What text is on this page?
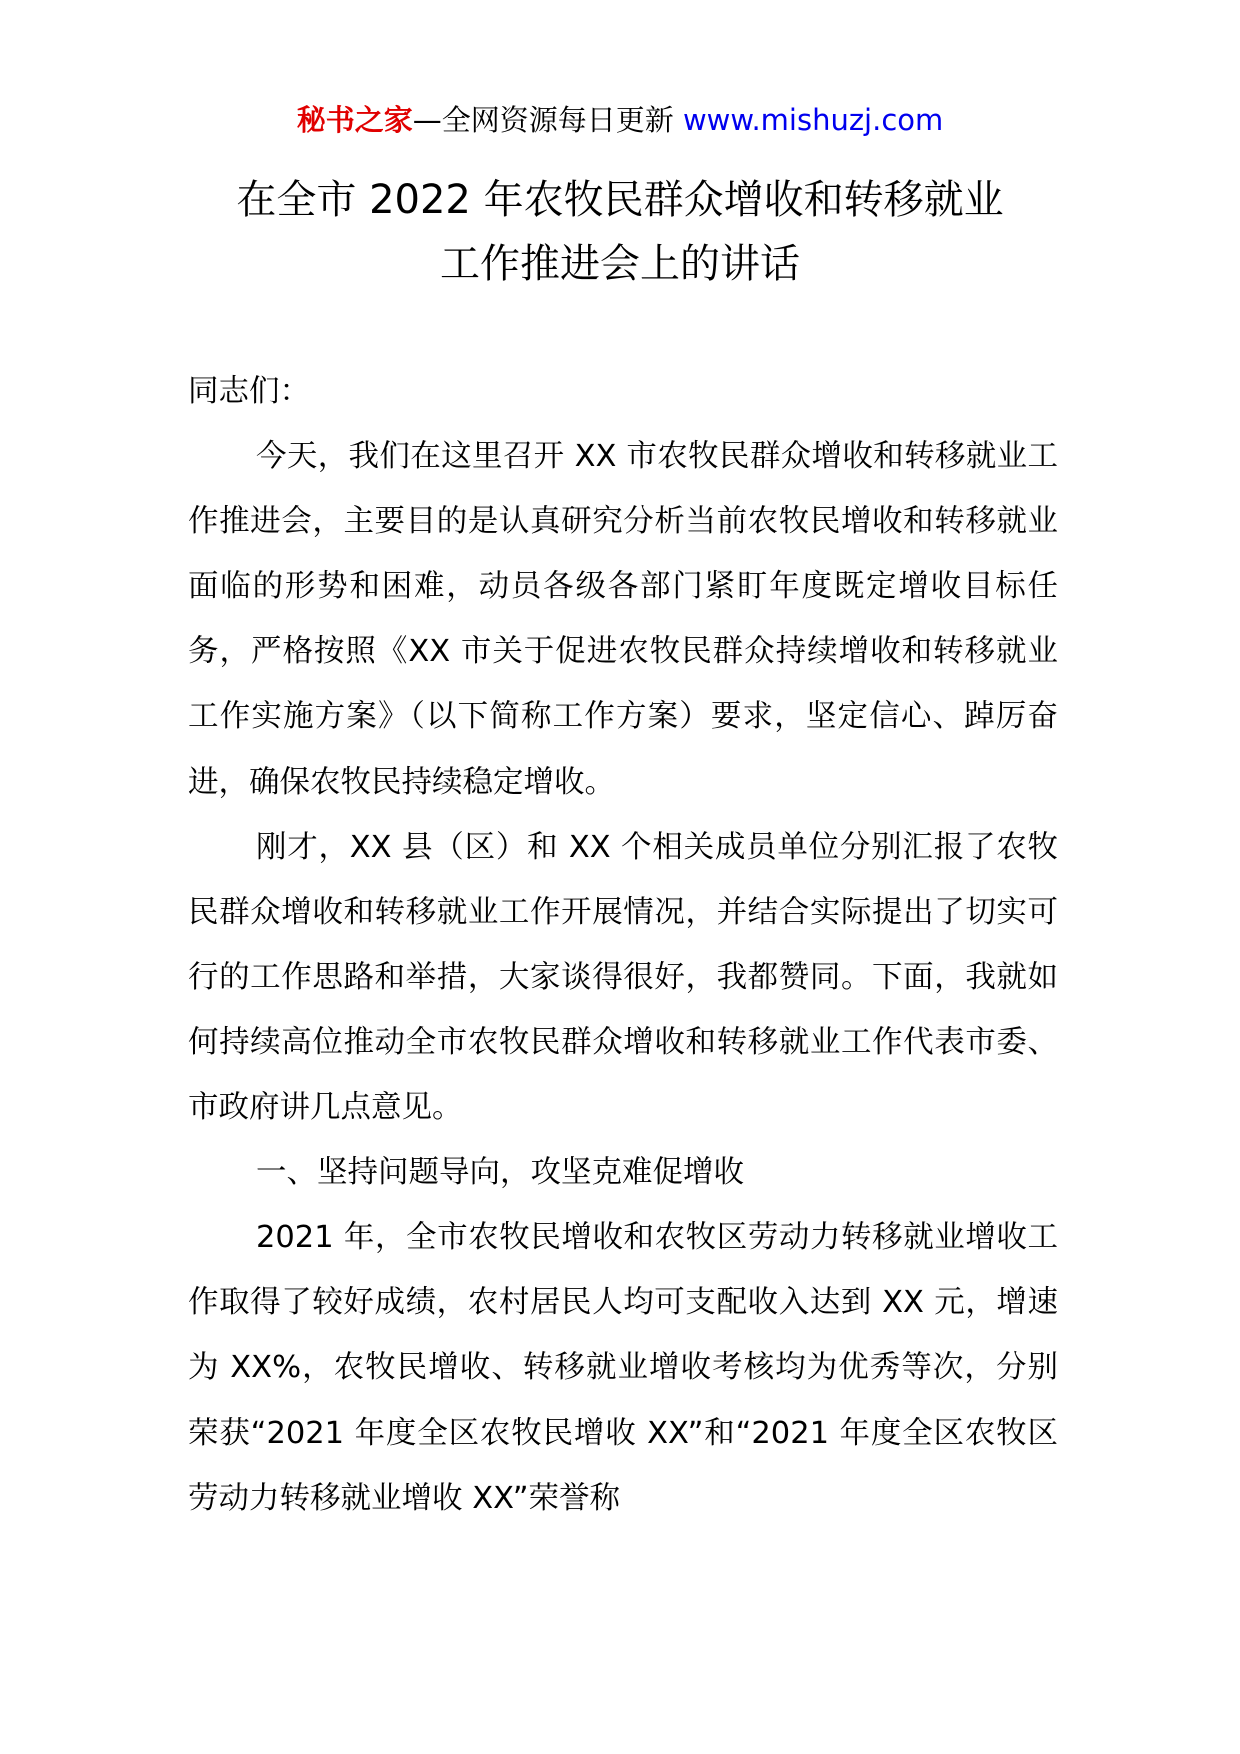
秘书之家—全网资源每日更新 www.mishuzj.com
在全市 2022 年农牧民群众增收和转移就业
工作推进会上的讲话

同志们：

今天，我们在这里召开 XX 市农牧民群众增收和转移就业工作推进会，主要目的是认真研究分析当前农牧民增收和转移就业面临的形势和困难，动员各级各部门紧盯年度既定增收目标任务，严格按照《XX 市关于促进农牧民群众持续增收和转移就业工作实施方案》（以下简称工作方案）要求，坚定信心、踔厉奋进，确保农牧民持续稳定增收。

刚才，XX 县（区）和 XX 个相关成员单位分别汇报了农牧民群众增收和转移就业工作开展情况，并结合实际提出了切实可行的工作思路和举措，大家谈得很好，我都赞同。下面，我就如何持续高位推动全市农牧民群众增收和转移就业工作代表市委、市政府讲几点意见。

一、坚持问题导向，攻坚克难促增收

2021 年，全市农牧民增收和农牧区劳动力转移就业增收工作取得了较好成绩，农村居民人均可支配收入达到 XX 元，增速为 XX%，农牧民增收、转移就业增收考核均为优秀等次，分别荣获“2021 年度全区农牧民增收 XX”和“2021 年度全区农牧区劳动力转移就业增收 XX”荣誉称
